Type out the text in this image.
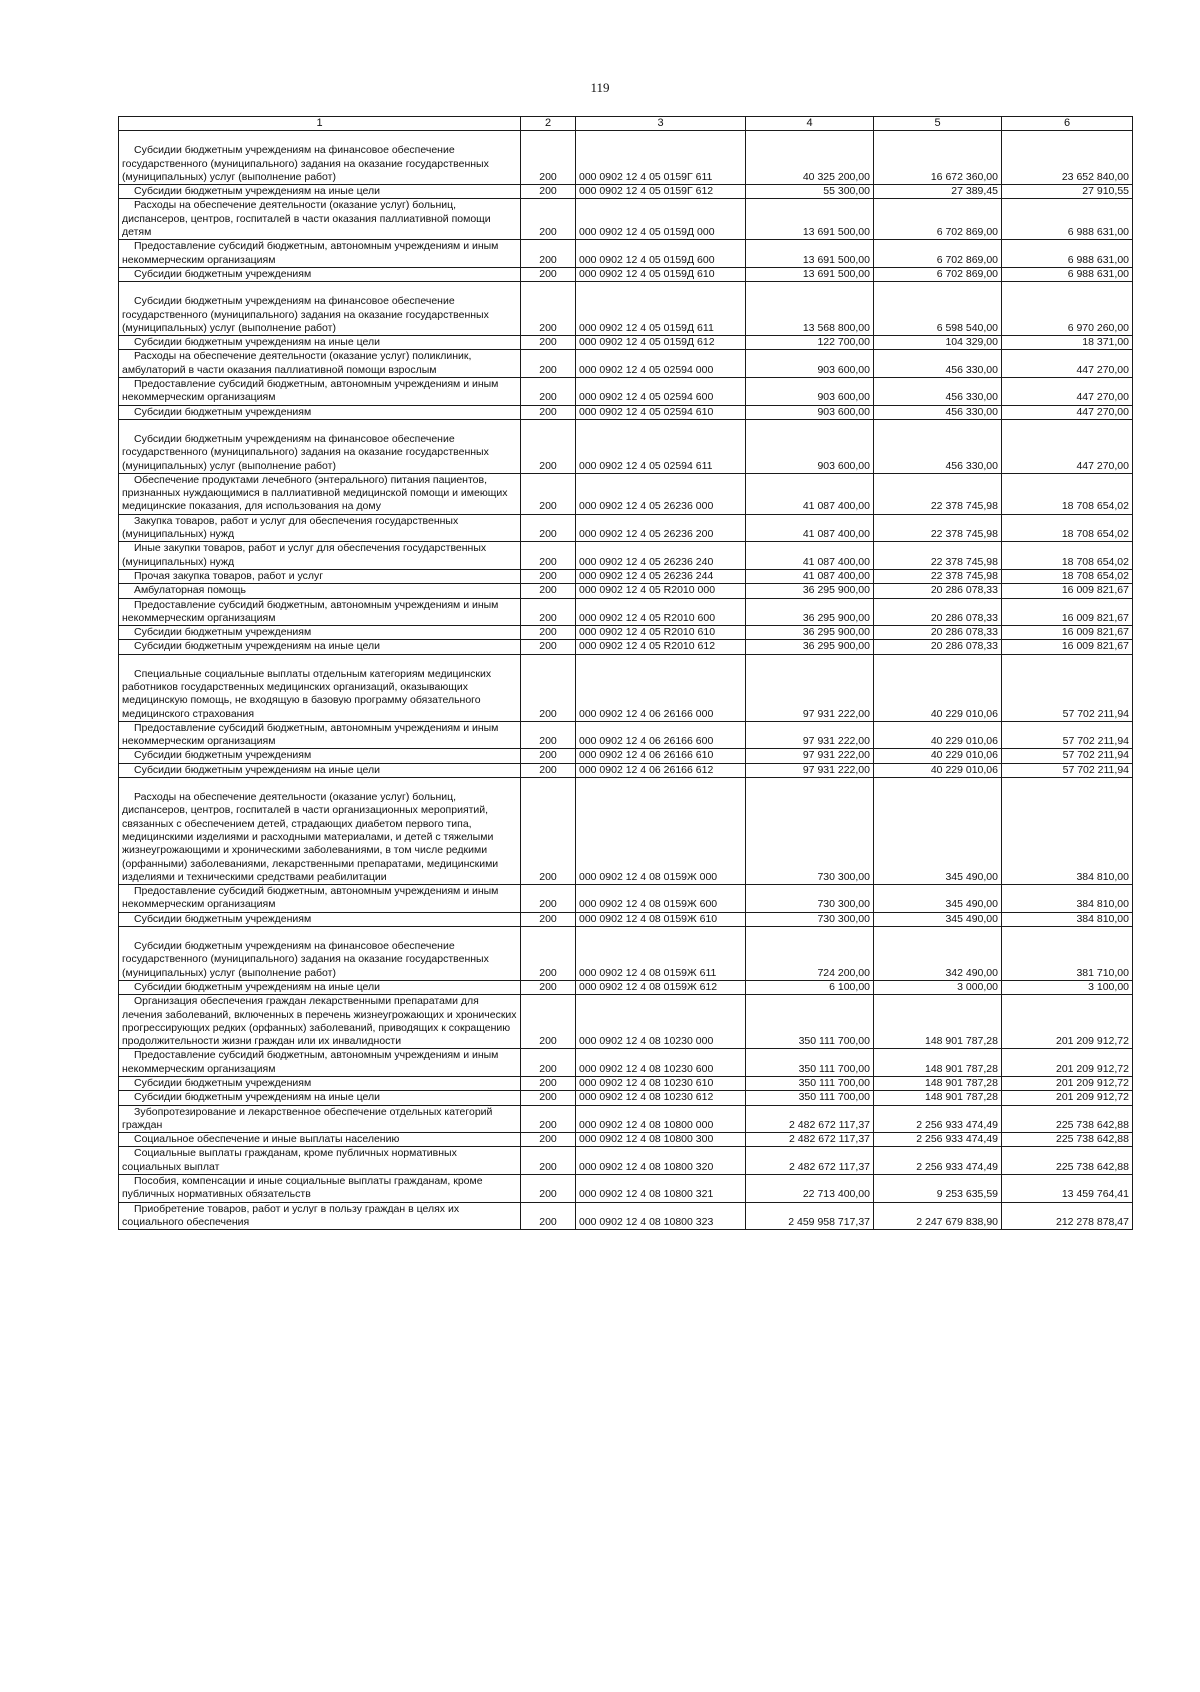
119
1	2	3	4	5	6

Субсидии бюджетным учреждениям на финансовое обеспечение государственного (муниципального) задания на оказание государственных (муниципальных) услуг (выполнение работ)	200	000 0902 12 4 05 0159Г 611	40 325 200,00	16 672 360,00	23 652 840,00
Субсидии бюджетным учреждениям на иные цели	200	000 0902 12 4 05 0159Г 612	55 300,00	27 389,45	27 910,55
Расходы на обеспечение деятельности (оказание услуг) больниц, диспансеров, центров, госпиталей в части оказания паллиативной помощи детям	200	000 0902 12 4 05 0159Д 000	13 691 500,00	6 702 869,00	6 988 631,00
Предоставление субсидий бюджетным, автономным учреждениям и иным некоммерческим организациям	200	000 0902 12 4 05 0159Д 600	13 691 500,00	6 702 869,00	6 988 631,00
Субсидии бюджетным учреждениям	200	000 0902 12 4 05 0159Д 610	13 691 500,00	6 702 869,00	6 988 631,00

Субсидии бюджетным учреждениям на финансовое обеспечение государственного (муниципального) задания на оказание государственных (муниципальных) услуг (выполнение работ)	200	000 0902 12 4 05 0159Д 611	13 568 800,00	6 598 540,00	6 970 260,00
Субсидии бюджетным учреждениям на иные цели	200	000 0902 12 4 05 0159Д 612	122 700,00	104 329,00	18 371,00
Расходы на обеспечение деятельности (оказание услуг) поликлиник, амбулаторий в части оказания паллиативной помощи взрослым	200	000 0902 12 4 05 02594 000	903 600,00	456 330,00	447 270,00
Предоставление субсидий бюджетным, автономным учреждениям и иным некоммерческим организациям	200	000 0902 12 4 05 02594 600	903 600,00	456 330,00	447 270,00
Субсидии бюджетным учреждениям	200	000 0902 12 4 05 02594 610	903 600,00	456 330,00	447 270,00

Субсидии бюджетным учреждениям на финансовое обеспечение государственного (муниципального) задания на оказание государственных (муниципальных) услуг (выполнение работ)	200	000 0902 12 4 05 02594 611	903 600,00	456 330,00	447 270,00
Обеспечение продуктами лечебного (энтерального) питания пациентов, признанных нуждающимися в паллиативной медицинской помощи и имеющих медицинские показания, для использования на дому	200	000 0902 12 4 05 26236 000	41 087 400,00	22 378 745,98	18 708 654,02
Закупка товаров, работ и услуг для обеспечения государственных (муниципальных) нужд	200	000 0902 12 4 05 26236 200	41 087 400,00	22 378 745,98	18 708 654,02
Иные закупки товаров, работ и услуг для обеспечения государственных (муниципальных) нужд	200	000 0902 12 4 05 26236 240	41 087 400,00	22 378 745,98	18 708 654,02
Прочая закупка товаров, работ и услуг	200	000 0902 12 4 05 26236 244	41 087 400,00	22 378 745,98	18 708 654,02
Амбулаторная помощь	200	000 0902 12 4 05 R2010 000	36 295 900,00	20 286 078,33	16 009 821,67
Предоставление субсидий бюджетным, автономным учреждениям и иным некоммерческим организациям	200	000 0902 12 4 05 R2010 600	36 295 900,00	20 286 078,33	16 009 821,67
Субсидии бюджетным учреждениям	200	000 0902 12 4 05 R2010 610	36 295 900,00	20 286 078,33	16 009 821,67
Субсидии бюджетным учреждениям на иные цели	200	000 0902 12 4 05 R2010 612	36 295 900,00	20 286 078,33	16 009 821,67

Специальные социальные выплаты отдельным категориям медицинских работников государственных медицинских организаций, оказывающих медицинскую помощь, не входящую в базовую программу обязательного медицинского страхования	200	000 0902 12 4 06 26166 000	97 931 222,00	40 229 010,06	57 702 211,94
Предоставление субсидий бюджетным, автономным учреждениям и иным некоммерческим организациям	200	000 0902 12 4 06 26166 600	97 931 222,00	40 229 010,06	57 702 211,94
Субсидии бюджетным учреждениям	200	000 0902 12 4 06 26166 610	97 931 222,00	40 229 010,06	57 702 211,94
Субсидии бюджетным учреждениям на иные цели	200	000 0902 12 4 06 26166 612	97 931 222,00	40 229 010,06	57 702 211,94

Расходы на обеспечение деятельности (оказание услуг) больниц, диспансеров, центров, госпиталей в части организационных мероприятий, связанных с обеспечением детей, страдающих диабетом первого типа, медицинскими изделиями и расходными материалами, и детей с тяжелыми жизнеугрожающими и хроническими заболеваниями, в том числе редкими (орфанными) заболеваниями, лекарственными препаратами, медицинскими изделиями и техническими средствами реабилитации	200	000 0902 12 4 08 0159Ж 000	730 300,00	345 490,00	384 810,00
Предоставление субсидий бюджетным, автономным учреждениям и иным некоммерческим организациям	200	000 0902 12 4 08 0159Ж 600	730 300,00	345 490,00	384 810,00
Субсидии бюджетным учреждениям	200	000 0902 12 4 08 0159Ж 610	730 300,00	345 490,00	384 810,00

Субсидии бюджетным учреждениям на финансовое обеспечение государственного (муниципального) задания на оказание государственных (муниципальных) услуг (выполнение работ)	200	000 0902 12 4 08 0159Ж 611	724 200,00	342 490,00	381 710,00
Субсидии бюджетным учреждениям на иные цели	200	000 0902 12 4 08 0159Ж 612	6 100,00	3 000,00	3 100,00
Организация обеспечения граждан лекарственными препаратами для лечения заболеваний, включенных в перечень жизнеугрожающих и хронических прогрессирующих редких (орфанных) заболеваний, приводящих к сокращению продолжительности жизни граждан или их инвалидности	200	000 0902 12 4 08 10230 000	350 111 700,00	148 901 787,28	201 209 912,72
Предоставление субсидий бюджетным, автономным учреждениям и иным некоммерческим организациям	200	000 0902 12 4 08 10230 600	350 111 700,00	148 901 787,28	201 209 912,72
Субсидии бюджетным учреждениям	200	000 0902 12 4 08 10230 610	350 111 700,00	148 901 787,28	201 209 912,72
Субсидии бюджетным учреждениям на иные цели	200	000 0902 12 4 08 10230 612	350 111 700,00	148 901 787,28	201 209 912,72
Зубопротезирование и лекарственное обеспечение отдельных категорий граждан	200	000 0902 12 4 08 10800 000	2 482 672 117,37	2 256 933 474,49	225 738 642,88
Социальное обеспечение и иные выплаты населению	200	000 0902 12 4 08 10800 300	2 482 672 117,37	2 256 933 474,49	225 738 642,88
Социальные выплаты гражданам, кроме публичных нормативных социальных выплат	200	000 0902 12 4 08 10800 320	2 482 672 117,37	2 256 933 474,49	225 738 642,88
Пособия, компенсации и иные социальные выплаты гражданам, кроме публичных нормативных обязательств	200	000 0902 12 4 08 10800 321	22 713 400,00	9 253 635,59	13 459 764,41
Приобретение товаров, работ и услуг в пользу граждан в целях их социального обеспечения	200	000 0902 12 4 08 10800 323	2 459 958 717,37	2 247 679 838,90	212 278 878,47
